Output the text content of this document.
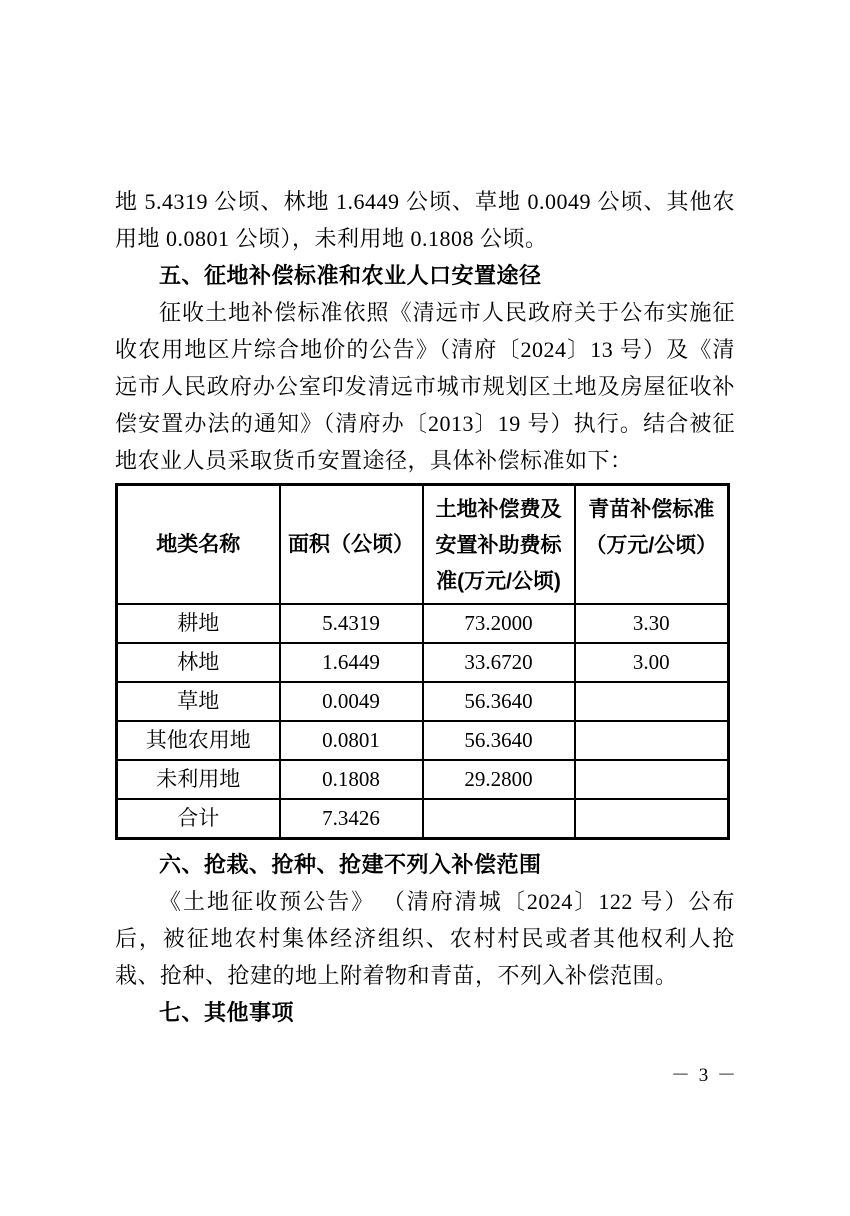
地 5.4319 公顷、林地 1.6449 公顷、草地 0.0049 公顷、其他农用地 0.0801 公顷），未利用地 0.1808 公顷。

五、征地补偿标准和农业人口安置途径

征收土地补偿标准依照《清远市人民政府关于公布实施征收农用地区片综合地价的公告》（清府〔2024〕13 号）及《清远市人民政府办公室印发清远市城市规划区土地及房屋征收补偿安置办法的通知》（清府办〔2013〕19 号）执行。结合被征地农业人员采取货币安置途径，具体补偿标准如下：

地类名称	面积（公顷）	土地补偿费及安置补助费标准(万元/公顷)	青苗补偿标准（万元/公顷）
耕地	5.4319	73.2000	3.30
林地	1.6449	33.6720	3.00
草地	0.0049	56.3640	
其他农用地	0.0801	56.3640	
未利用地	0.1808	29.2800	
合计	7.3426		
六、抢栽、抢种、抢建不列入补偿范围

《土地征收预公告》 （清府清城〔2024〕122 号）公布后，被征地农村集体经济组织、农村村民或者其他权利人抢栽、抢种、抢建的地上附着物和青苗，不列入补偿范围。

七、其他事项
－ 3 －
